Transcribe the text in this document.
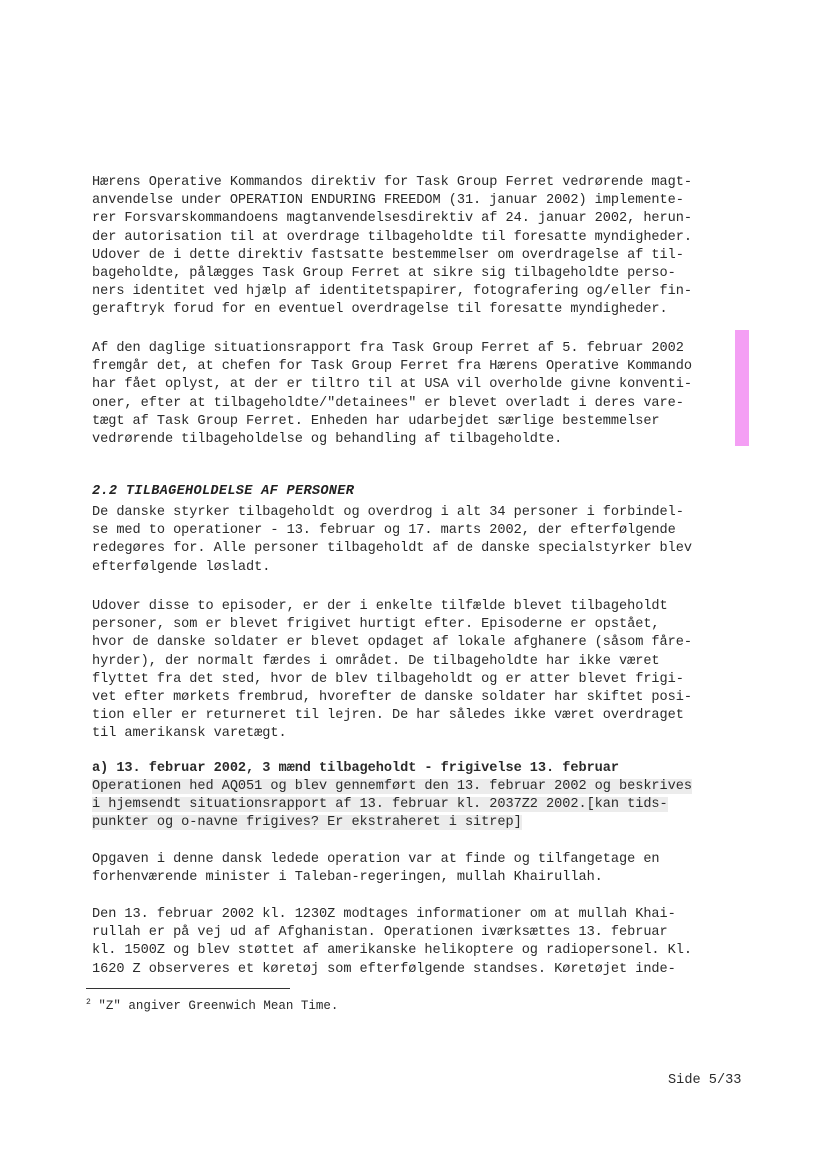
Hærens Operative Kommandos direktiv for Task Group Ferret vedrørende magt-
anvendelse under OPERATION ENDURING FREEDOM (31. januar 2002) implemente-
rer Forsvarskommandoens magtanvendelsesdirektiv af 24. januar 2002, herun-
der autorisation til at overdrage tilbageholdte til foresatte myndigheder.
Udover de i dette direktiv fastsatte bestemmelser om overdragelse af til-
bageholdte, pålægges Task Group Ferret at sikre sig tilbageholdte perso-
ners identitet ved hjælp af identitetspapirer, fotografering og/eller fin-
geraftryk forud for en eventuel overdragelse til foresatte myndigheder.
Af den daglige situationsrapport fra Task Group Ferret af 5. februar 2002
fremgår det, at chefen for Task Group Ferret fra Hærens Operative Kommando
har fået oplyst, at der er tiltro til at USA vil overholde givne konventi-
oner, efter at tilbageholdte/"detainees" er blevet overladt i deres vare-
tægt af Task Group Ferret. Enheden har udarbejdet særlige bestemmelser
vedrørende tilbageholdelse og behandling af tilbageholdte.
2.2 TILBAGEHOLDELSE AF PERSONER
De danske styrker tilbageholdt og overdrog i alt 34 personer i forbindel-
se med to operationer - 13. februar og 17. marts 2002, der efterfølgende
redegøres for. Alle personer tilbageholdt af de danske specialstyrker blev
efterfølgende løsladt.
Udover disse to episoder, er der i enkelte tilfælde blevet tilbageholdt
personer, som er blevet frigivet hurtigt efter. Episoderne er opstået,
hvor de danske soldater er blevet opdaget af lokale afghanere (såsom fåre-
hyrder), der normalt færdes i området. De tilbageholdte har ikke været
flyttet fra det sted, hvor de blev tilbageholdt og er atter blevet frigi-
vet efter mørkets frembrud, hvorefter de danske soldater har skiftet posi-
tion eller er returneret til lejren. De har således ikke været overdraget
til amerikansk varetægt.
a) 13. februar 2002, 3 mænd tilbageholdt - frigivelse 13. februar
Operationen hed AQ051 og blev gennemført den 13. februar 2002 og beskrives
i hjemsendt situationsrapport af 13. februar kl. 2037Z2 2002.[kan tids-
punkter og o-navne frigives? Er ekstraheret i sitrep]
Opgaven i denne dansk ledede operation var at finde og tilfangetage en
forhenværende minister i Taleban-regeringen, mullah Khairullah.
Den 13. februar 2002 kl. 1230Z modtages informationer om at mullah Khai-
rullah er på vej ud af Afghanistan. Operationen iværksættes 13. februar
kl. 1500Z og blev støttet af amerikanske helikoptere og radiopersonel. Kl.
1620 Z observeres et køretøj som efterfølgende standses. Køretøjet inde-
$^2$ "Z" angiver Greenwich Mean Time.
Side 5/33
